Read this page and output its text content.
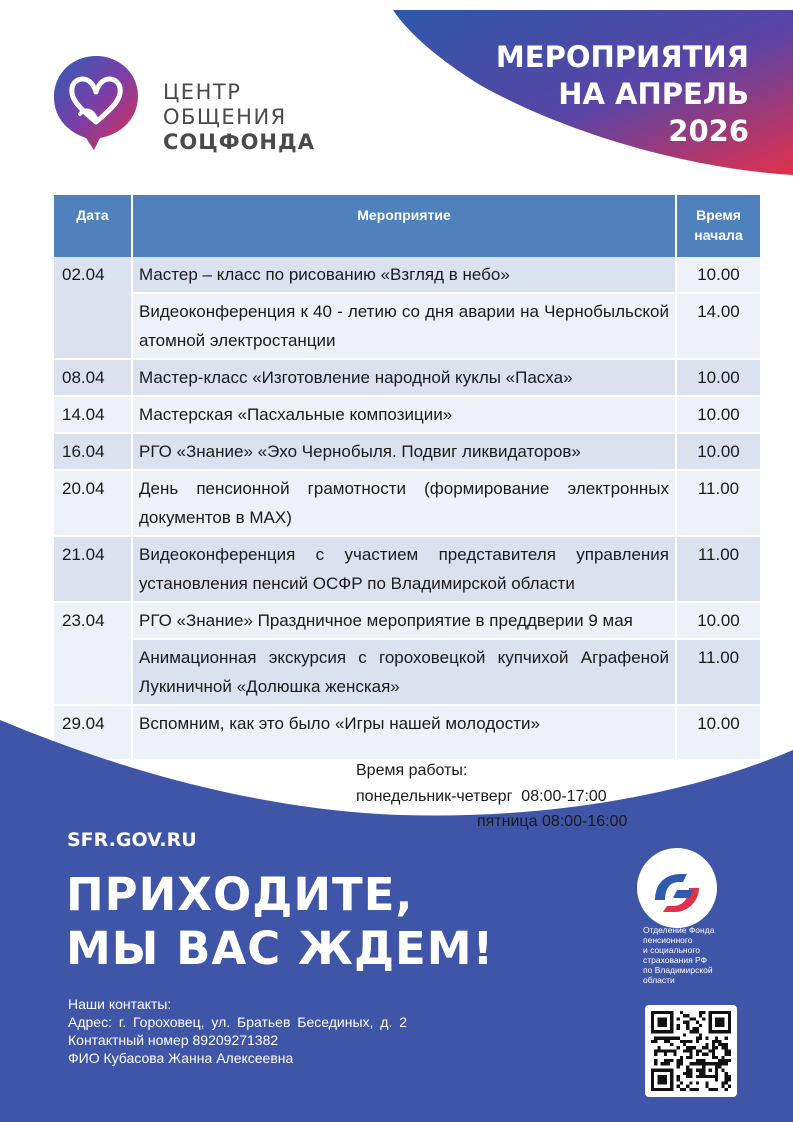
ЦЕНТР
ОБЩЕНИЯ
СОЦФОНДА
МЕРОПРИЯТИЯ
НА АПРЕЛЬ
2026
Дата	Мероприятие	Время
начала
02.04	Мастер – класс по рисованию «Взгляд в небо»	10.00
	Видеоконференция к 40 - летию со дня аварии на Чернобыльской атомной электростанции	14.00
08.04	Мастер-класс «Изготовление народной куклы «Пасха»	10.00
14.04	Мастерская «Пасхальные композиции»	10.00
16.04	РГО «Знание» «Эхо Чернобыля. Подвиг ликвидаторов»	10.00
20.04	День пенсионной грамотности (формирование электронных документов в MAX)	11.00
21.04	Видеоконференция с участием представителя управления установления пенсий ОСФР по Владимирской области	11.00
23.04	РГО «Знание» Праздничное мероприятие в преддверии 9 мая	10.00
	Анимационная экскурсия с гороховецкой купчихой Аграфеной Лукиничной «Долюшка женская»	11.00
29.04	Вспомним, как это было «Игры нашей молодости»	10.00
Время работы:
понедельник-четверг  08:00-17:00
пятница 08:00-16:00
SFR.GOV.RU
ПРИХОДИТЕ,
МЫ ВАС ЖДЕМ!
Наши контакты:
Адрес: г. Гороховец, ул. Братьев Бесединых, д. 2
Контактный номер 89209271382
ФИО Кубасова Жанна Алексеевна
Отделение Фонда
пенсионного
и социального
страхования РФ
по Владимирской
области
